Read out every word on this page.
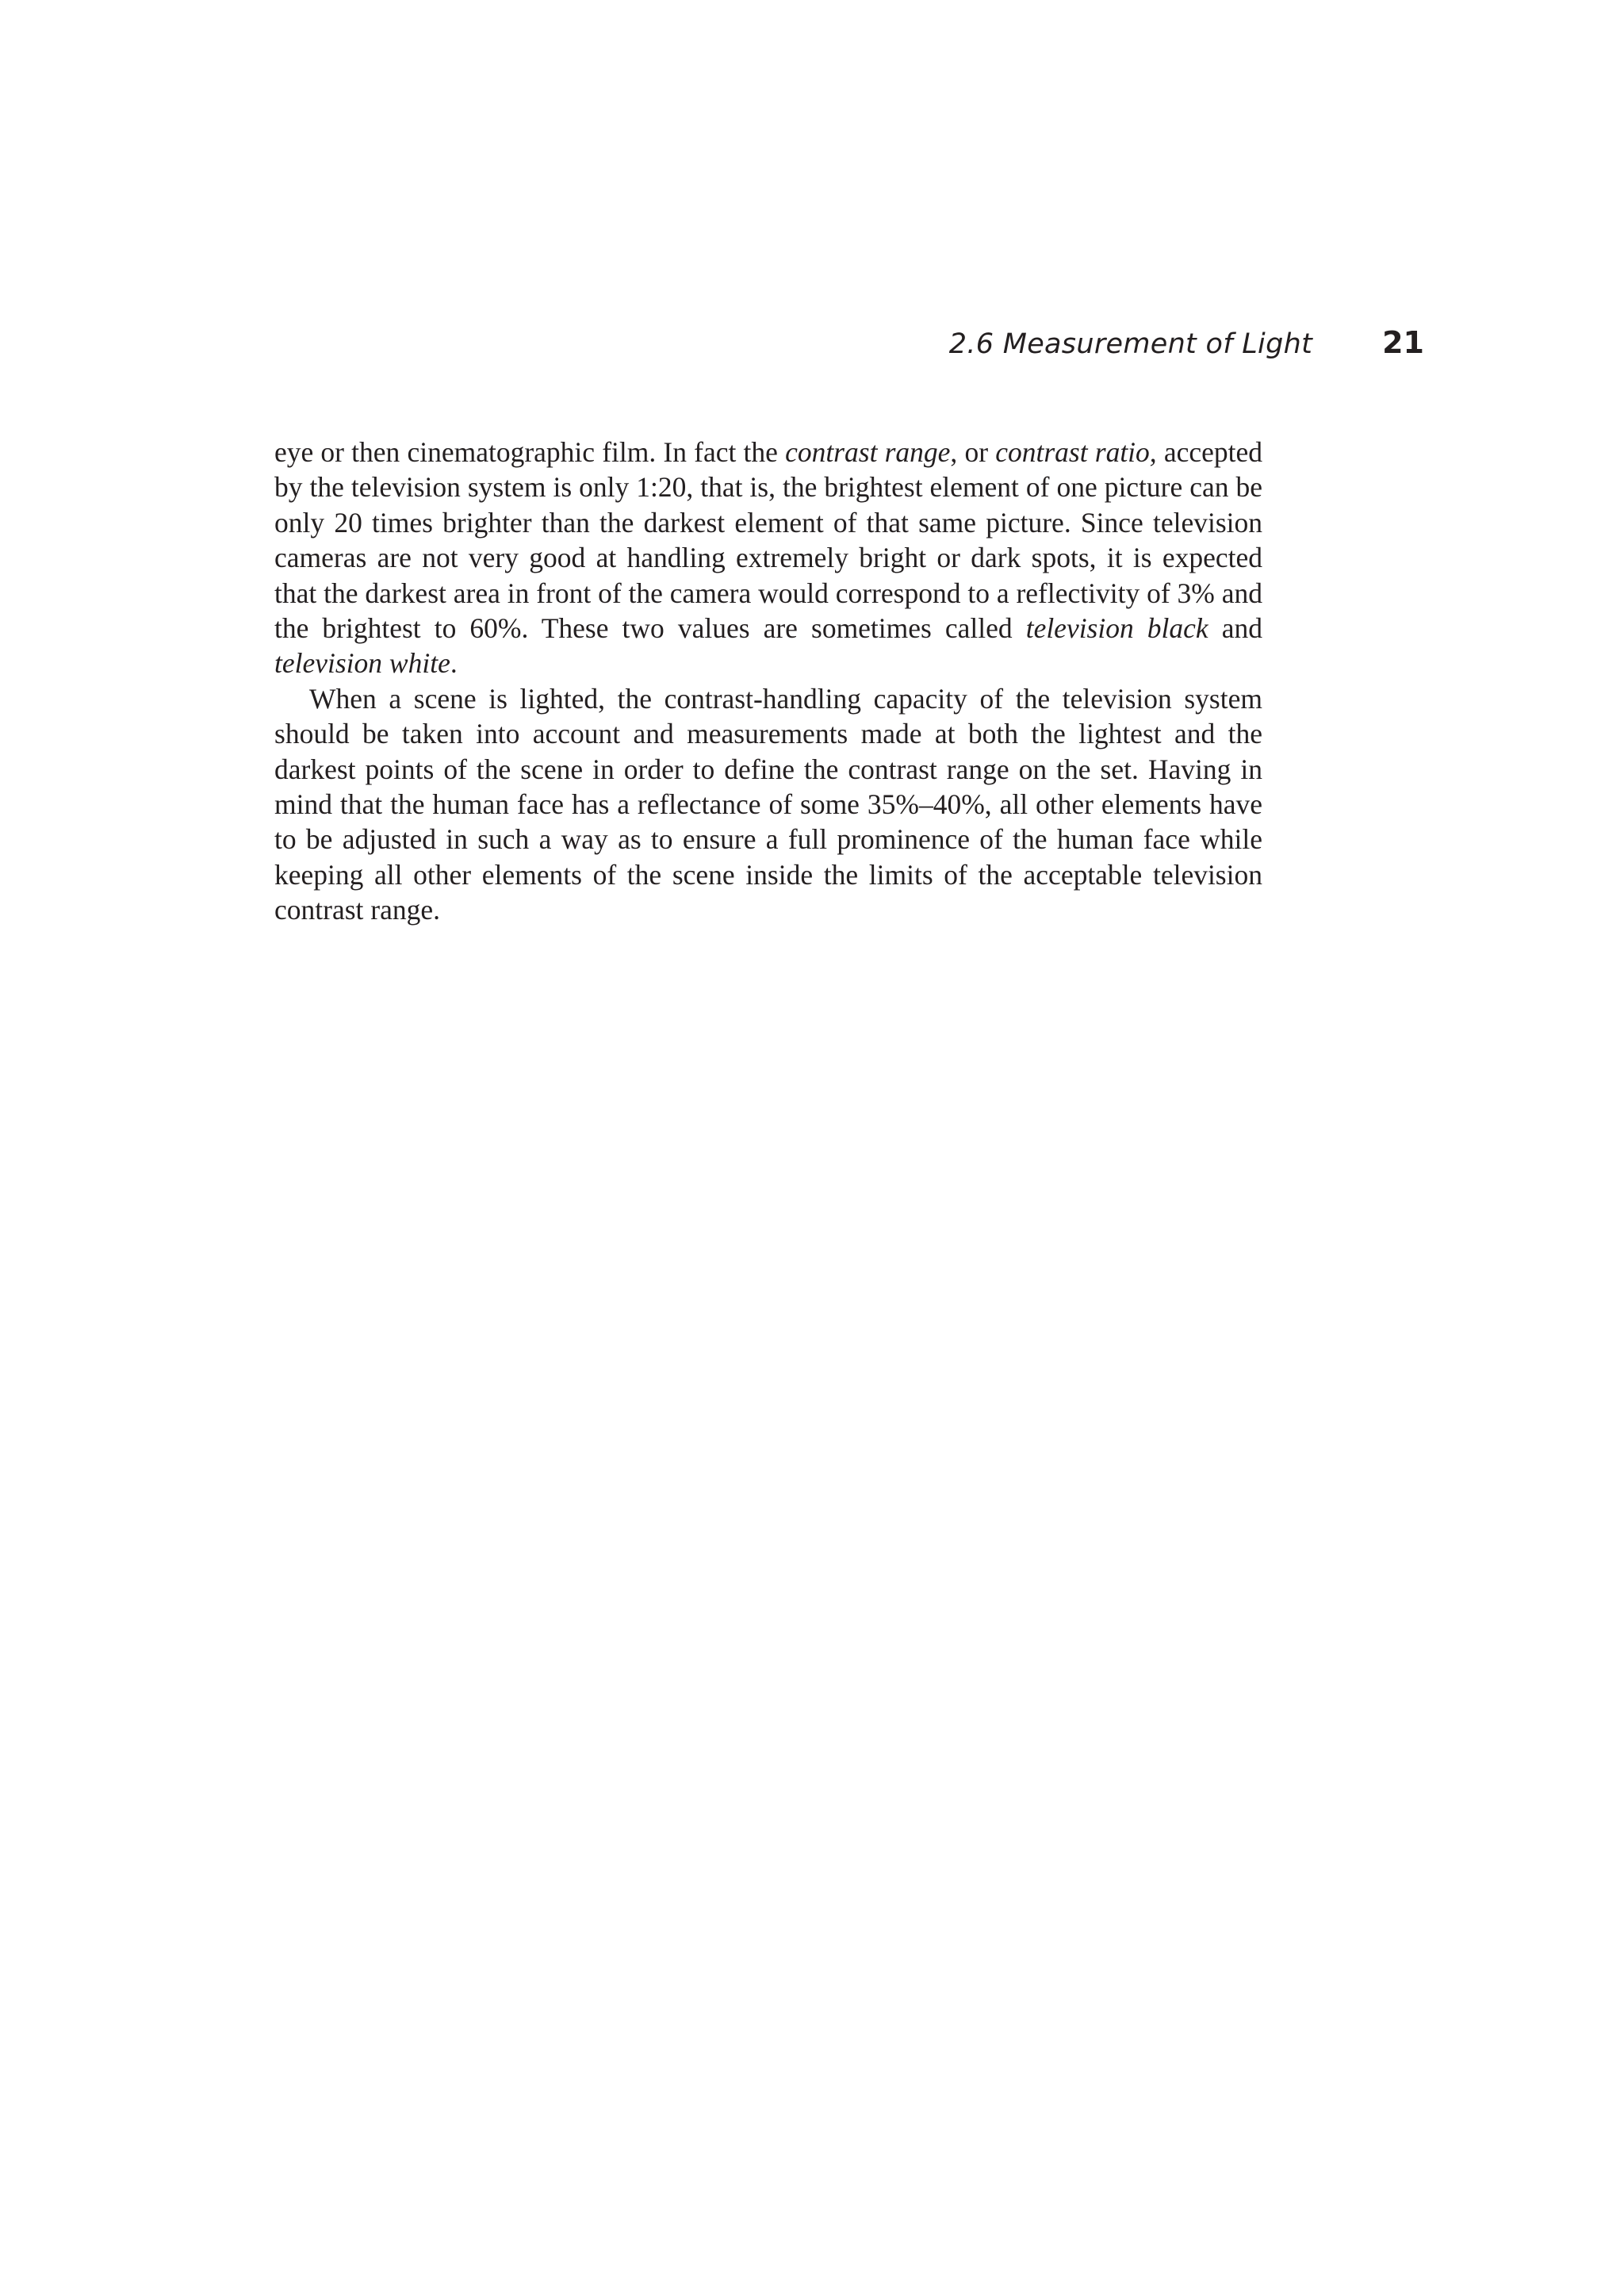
2.6 Measurement of Light 21

eye or then cinematographic film. In fact the contrast range, or contrast ratio, accepted by the television system is only 1:20, that is, the brightest element of one picture can be only 20 times brighter than the darkest element of that same picture. Since television cameras are not very good at handling extremely bright or dark spots, it is expected that the darkest area in front of the camera would correspond to a reflectivity of 3% and the brightest to 60%. These two values are sometimes called television black and television white.

When a scene is lighted, the contrast-handling capacity of the television system should be taken into account and measurements made at both the lightest and the darkest points of the scene in order to define the contrast range on the set. Having in mind that the human face has a reflectance of some 35%–40%, all other elements have to be adjusted in such a way as to ensure a full prominence of the human face while keeping all other elements of the scene inside the limits of the acceptable television contrast range.
